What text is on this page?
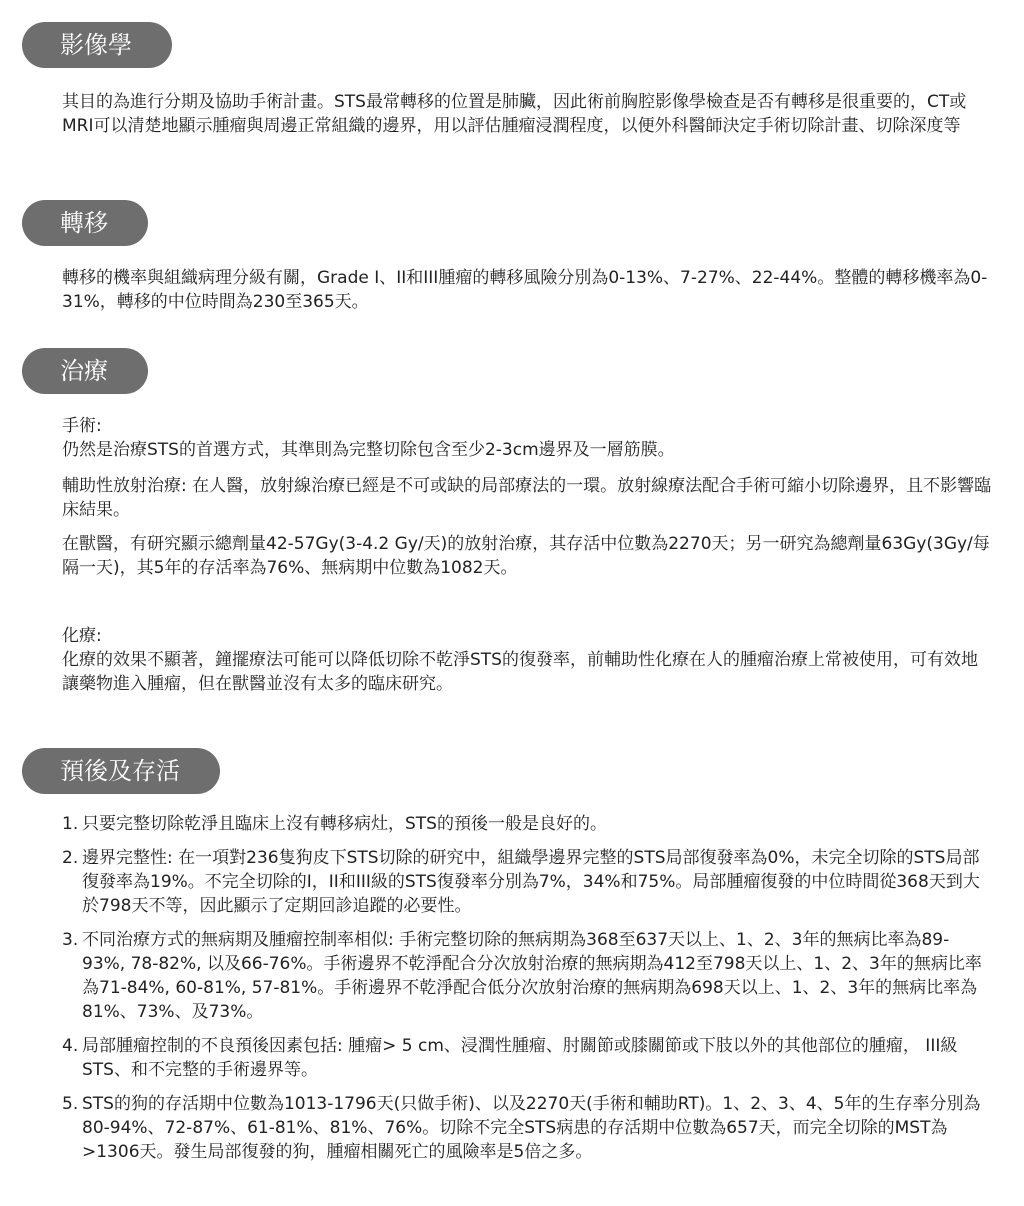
影像學

其目的為進行分期及協助手術計畫。STS最常轉移的位置是肺臟，因此術前胸腔影像學檢查是否有轉移是很重要的，CT或MRI可以清楚地顯示腫瘤與周邊正常組織的邊界，用以評估腫瘤浸潤程度，以便外科醫師決定手術切除計畫、切除深度等

轉移

轉移的機率與組織病理分級有關，Grade I、II和III腫瘤的轉移風險分別為0-13%、7-27%、22-44%。整體的轉移機率為0-31%，轉移的中位時間為230至365天。

治療

手術:

仍然是治療STS的首選方式，其準則為完整切除包含至少2-3cm邊界及一層筋膜。

輔助性放射治療: 在人醫，放射線治療已經是不可或缺的局部療法的一環。放射線療法配合手術可縮小切除邊界，且不影響臨床結果。

在獸醫，有研究顯示總劑量42-57Gy(3-4.2 Gy/天)的放射治療，其存活中位數為2270天；另一研究為總劑量63Gy(3Gy/每隔一天)，其5年的存活率為76%、無病期中位數為1082天。

化療:

化療的效果不顯著，鐘擺療法可能可以降低切除不乾淨STS的復發率，前輔助性化療在人的腫瘤治療上常被使用，可有效地讓藥物進入腫瘤，但在獸醫並沒有太多的臨床研究。

預後及存活
1. 只要完整切除乾淨且臨床上沒有轉移病灶，STS的預後一般是良好的。
2. 邊界完整性: 在一項對236隻狗皮下STS切除的研究中，組織學邊界完整的STS局部復發率為0%，未完全切除的STS局部復發率為19%。不完全切除的I，II和III級的STS復發率分別為7%，34%和75%。局部腫瘤復發的中位時間從368天到大於798天不等，因此顯示了定期回診追蹤的必要性。
3. 不同治療方式的無病期及腫瘤控制率相似: 手術完整切除的無病期為368至637天以上、1、2、3年的無病比率為89-93%, 78-82%, 以及66-76%。手術邊界不乾淨配合分次放射治療的無病期為412至798天以上、1、2、3年的無病比率為71-84%, 60-81%, 57-81%。手術邊界不乾淨配合低分次放射治療的無病期為698天以上、1、2、3年的無病比率為81%、73%、及73%。
4. 局部腫瘤控制的不良預後因素包括: 腫瘤> 5 cm、浸潤性腫瘤、肘關節或膝關節或下肢以外的其他部位的腫瘤， III級STS、和不完整的手術邊界等。
5. STS的狗的存活期中位數為1013-1796天(只做手術)、以及2270天(手術和輔助RT)。1、2、3、4、5年的生存率分別為80-94%、72-87%、61-81%、81%、76%。切除不完全STS病患的存活期中位數為657天，而完全切除的MST為>1306天。發生局部復發的狗，腫瘤相關死亡的風險率是5倍之多。
